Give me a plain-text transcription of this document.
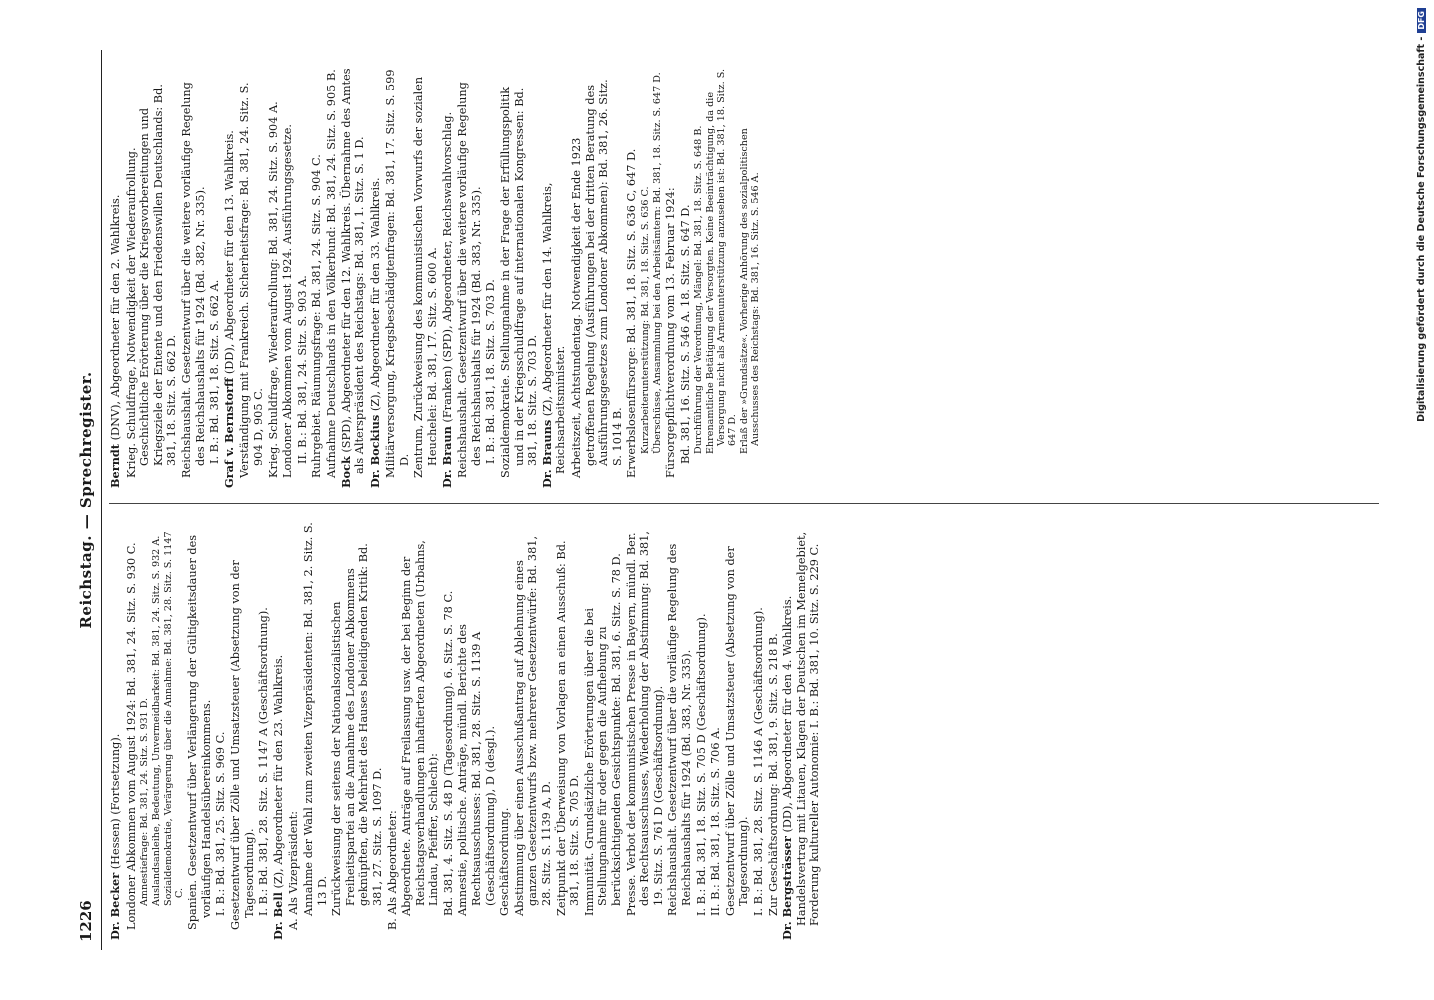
1226
Reichstag. — Sprechregister.
Dr. Becker (Hessen) (Fortsetzung). Londoner Abkommen vom August 1924: Bd. 381, 24. Sitz. S. 930 C. Amnestiefrage: Bd. 381, 24. Sitz. S. 931 D. Auslandsanleihe, Bedeutung, Unvermeidbarkeit: Bd. 381, 24. Sitz. S. 932 A. Sozialdemokratie, Verärgerung über die Annahme: Bd. 381, 28. Sitz. S. 1147 C. Spanien. Gesetzentwurf über Verlängerung der Gültigkeitsdauer des vorläufigen Handelsübereinkommens. I. B.: Bd. 381, 25. Sitz. S. 969 C. Gesetzentwurf über Zölle und Umsatzsteuer (Absetzung von der Tagesordnung). I. B.: Bd. 381, 28. Sitz. S. 1147 A (Geschäftsordnung).
Dr. Bell (Z), Abgeordneter für den 23. Wahlkreis. A. Als Vizepräsident: Annahme der Wahl zum zweiten Vizepräsidenten: Bd. 381, 2. Sitz. S. 13 D. Zurückweisung der seitens der Nationalsozialistischen Freiheitspartei an die Annahme des Londoner Abkommens geknüpften, die Mehrheit des Hauses beleidigenden Kritik: Bd. 381, 27. Sitz. S. 1097 D. B. Als Abgeordneter: Abgeordnete. Anträge auf Freilassung usw. der bei Beginn der Reichstagsverhandlungen inhaftierten Abgeordneten (Urbahns, Lindau, Pfeiffer, Schlecht): Bd. 381, 4. Sitz. S. 48 D (Tagesordnung). 6. Sitz. S. 78 C. Amnestie, politische. Anträge, mündl. Berichte des Rechtsausschusses: Bd. 381, 28. Sitz. S. 1139 A (Geschäftsordnung), D (desgl.). Geschäftsordnung. Abstimmung über einen Ausschußantrag auf Ablehnung eines ganzen Gesetzentwurfs bzw. mehrerer Gesetzentwürfe: Bd. 381, 28. Sitz. S. 1139 A, D. Zeitpunkt der Überweisung von Vorlagen an einen Ausschuß: Bd. 381, 18. Sitz. S. 705 D. Immunität. Grundsätzliche Erörterungen über die bei Stellungnahme für oder gegen die Aufhebung zu berücksichtigenden Gesichtspunkte: Bd. 381, 6. Sitz. S. 78 D. Presse. Verbot der kommunistischen Presse in Bayern, mündl. Ber. des Rechtsausschusses, Wiederholung der Abstimmung: Bd. 381, 19. Sitz. S. 761 D (Geschäftsordnung). Reichshaushalt. Gesetzentwurf über die vorläufige Regelung des Reichshaushalts für 1924 (Bd. 383, Nr. 335). I. B.: Bd. 381, 18. Sitz. S. 705 D (Geschäftsordnung). II. B.: Bd. 381, 18. Sitz. S. 706 A. Gesetzentwurf über Zölle und Umsatzsteuer (Absetzung von der Tagesordnung). I. B.: Bd. 381, 28. Sitz. S. 1146 A (Geschäftsordnung). Zur Geschäftsordnung: Bd. 381, 9. Sitz. S. 218 B. Dr. Bergsträsser (DD), Abgeordneter für den 4. Wahlkreis. Handelsvertrag mit Litauen, Klagen der Deutschen im Memelgebiet, Forderung kultureller Autonomie: I. B.: Bd. 381, 10. Sitz. S. 229 C.
Berndt (DNV), Abgeordneter für den 2. Wahlkreis. Krieg. Schuldfrage, Notwendigkeit der Wiederaufrollung. Geschichtliche Erörterung über die Kriegsvorbereitungen und Kriegsziele der Entente und den Friedenswillen Deutschlands: Bd. 381, 18. Sitz. S. 662 D. Reichshaushalt. Gesetzentwurf über die weitere vorläufige Regelung des Reichshaushalts für 1924 (Bd. 382, Nr. 335). I. B.: Bd. 381, 18. Sitz. S. 662 A. Graf v. Bernstorff (DD), Abgeordneter für den 13. Wahlkreis. Verständigung mit Frankreich. Sicherheitsfrage: Bd. 381, 24. Sitz. S. 904 D, 905 C. Krieg. Schuldfrage, Wiederaufrollung: Bd. 381, 24. Sitz. S. 904 A. Londoner Abkommen vom August 1924. Ausführungsgesetze. II. B.: Bd. 381, 24. Sitz. S. 903 A. Ruhrgebiet. Räumungsfrage: Bd. 381, 24. Sitz. S. 904 C. Aufnahme Deutschlands in den Völkerbund: Bd. 381, 24. Sitz. S. 905 B. Bock (SPD), Abgeordneter für den 12. Wahlkreis. Übernahme des Amtes als Alterspräsident des Reichstags: Bd. 381, 1. Sitz. S. 1 D. Dr. Bockius (Z), Abgeordneter für den 33. Wahlkreis. Militärversorgung, Kriegsbeschädigtenfragen: Bd. 381, 17. Sitz. S. 599 D. Zentrum, Zurückweisung des kommunistischen Vorwurfs der sozialen Heuchelei: Bd. 381, 17. Sitz. S. 600 A. Dr. Braun (Franken) (SPD), Abgeordneter, Reichswahlvorschlag. Reichshaushalt. Gesetzentwurf über die weitere vorläufige Regelung des Reichshaushalts für 1924 (Bd. 383, Nr. 335). I. B.: Bd. 381, 18. Sitz. S. 703 D. Sozialdemokratie. Stellungnahme in der Frage der Erfüllungspolitik und in der Kriegsschuldfrage auf internationalen Kongressen: Bd. 381, 18. Sitz. S. 703 D. Dr. Brauns (Z), Abgeordneter für den 14. Wahlkreis, Reichsarbeitsminister. Arbeitszeit, Achtstundentag. Notwendigkeit der Ende 1923 getroffenen Regelung (Ausführungen bei der dritten Beratung des Ausführungsgesetzes zum Londoner Abkommen): Bd. 381, 26. Sitz. S. 1014 B. Erwerbslosenfürsorge: Bd. 381, 18. Sitz. S. 636 C, 647 D. Kurzarbeiterunterstützung: Bd. 381, 18. Sitz. S. 636 C. Überschüsse, Ansammlung bei den Arbeitsämtern: Bd. 381, 18. Sitz. S. 647 D. Fürsorgepflichtverordnung vom 13. Februar 1924: Bd. 381, 16. Sitz. S. 546 A. 18. Sitz. S. 647 D. Durchführung der Verordnung, Mängel: Bd. 381, 18. Sitz. S. 648 B. Ehrenamtliche Betätigung der Versorgten. Keine Beeinträchtigung, da die Versorgung nicht als Armenunterstützung anzusehen ist: Bd. 381, 18. Sitz. S. 647 D. Erlaß der »Grundsätze«. Vorherige Anhörung des sozialpolitischen Ausschusses des Reichstags: Bd. 381, 16. Sitz. S. 546 A.	Digitalisierung gefördert durch die Deutsche Forschungsgemeinschaft -DFG
